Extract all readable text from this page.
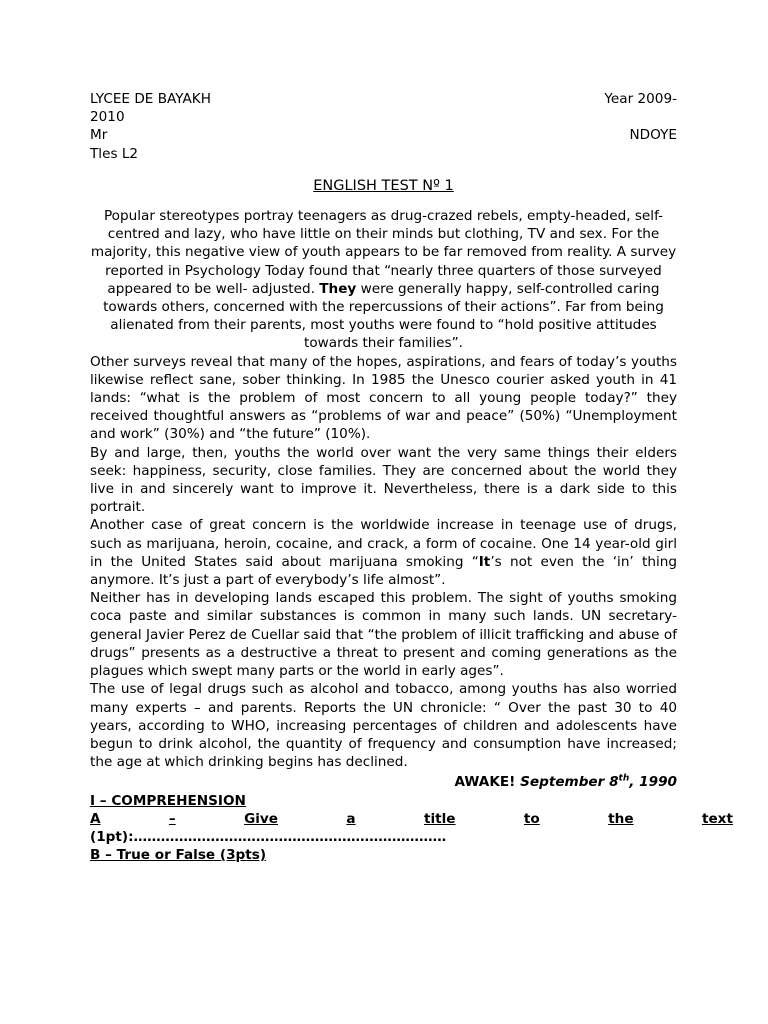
LYCEE DE BAYAKH	Year 2009-
2010
Mr	NDOYE
Tles L2
ENGLISH TEST Nº 1

Popular stereotypes portray teenagers as drug-crazed rebels, empty-headed, self-centred and lazy, who have little on their minds but clothing, TV and sex. For the majority, this negative view of youth appears to be far removed from reality. A survey reported in Psychology Today found that “nearly three quarters of those surveyed appeared to be well- adjusted. They were generally happy, self-controlled caring towards others, concerned with the repercussions of their actions”. Far from being alienated from their parents, most youths were found to “hold positive attitudes towards their families”.

Other surveys reveal that many of the hopes, aspirations, and fears of today’s youths likewise reflect sane, sober thinking. In 1985 the Unesco courier asked youth in 41 lands: “what is the problem of most concern to all young people today?” they received thoughtful answers as “problems of war and peace” (50%) “Unemployment and work” (30%) and “the future” (10%).

By and large, then, youths the world over want the very same things their elders seek: happiness, security, close families. They are concerned about the world they live in and sincerely want to improve it. Nevertheless, there is a dark side to this portrait.

Another case of great concern is the worldwide increase in teenage use of drugs, such as marijuana, heroin, cocaine, and crack, a form of cocaine. One 14 year-old girl in the United States said about marijuana smoking “It’s not even the ‘in’ thing anymore. It’s just a part of everybody’s life almost”.

Neither has in developing lands escaped this problem. The sight of youths smoking coca paste and similar substances is common in many such lands. UN secretary-general Javier Perez de Cuellar said that “the problem of illicit trafficking and abuse of drugs” presents as a destructive a threat to present and coming generations as the plagues which swept many parts or the world in early ages”.

The use of legal drugs such as alcohol and tobacco, among youths has also worried many experts – and parents. Reports the UN chronicle: “ Over the past 30 to 40 years, according to WHO, increasing percentages of children and adolescents have begun to drink alcohol, the quantity of frequency and consumption have increased; the age at which drinking begins has declined.

AWAKE! September 8th, 1990
I – COMPREHENSION
A	–	Give	a	title	to	the	text
(1pt):……………………………………………………………
B – True or False (3pts)
